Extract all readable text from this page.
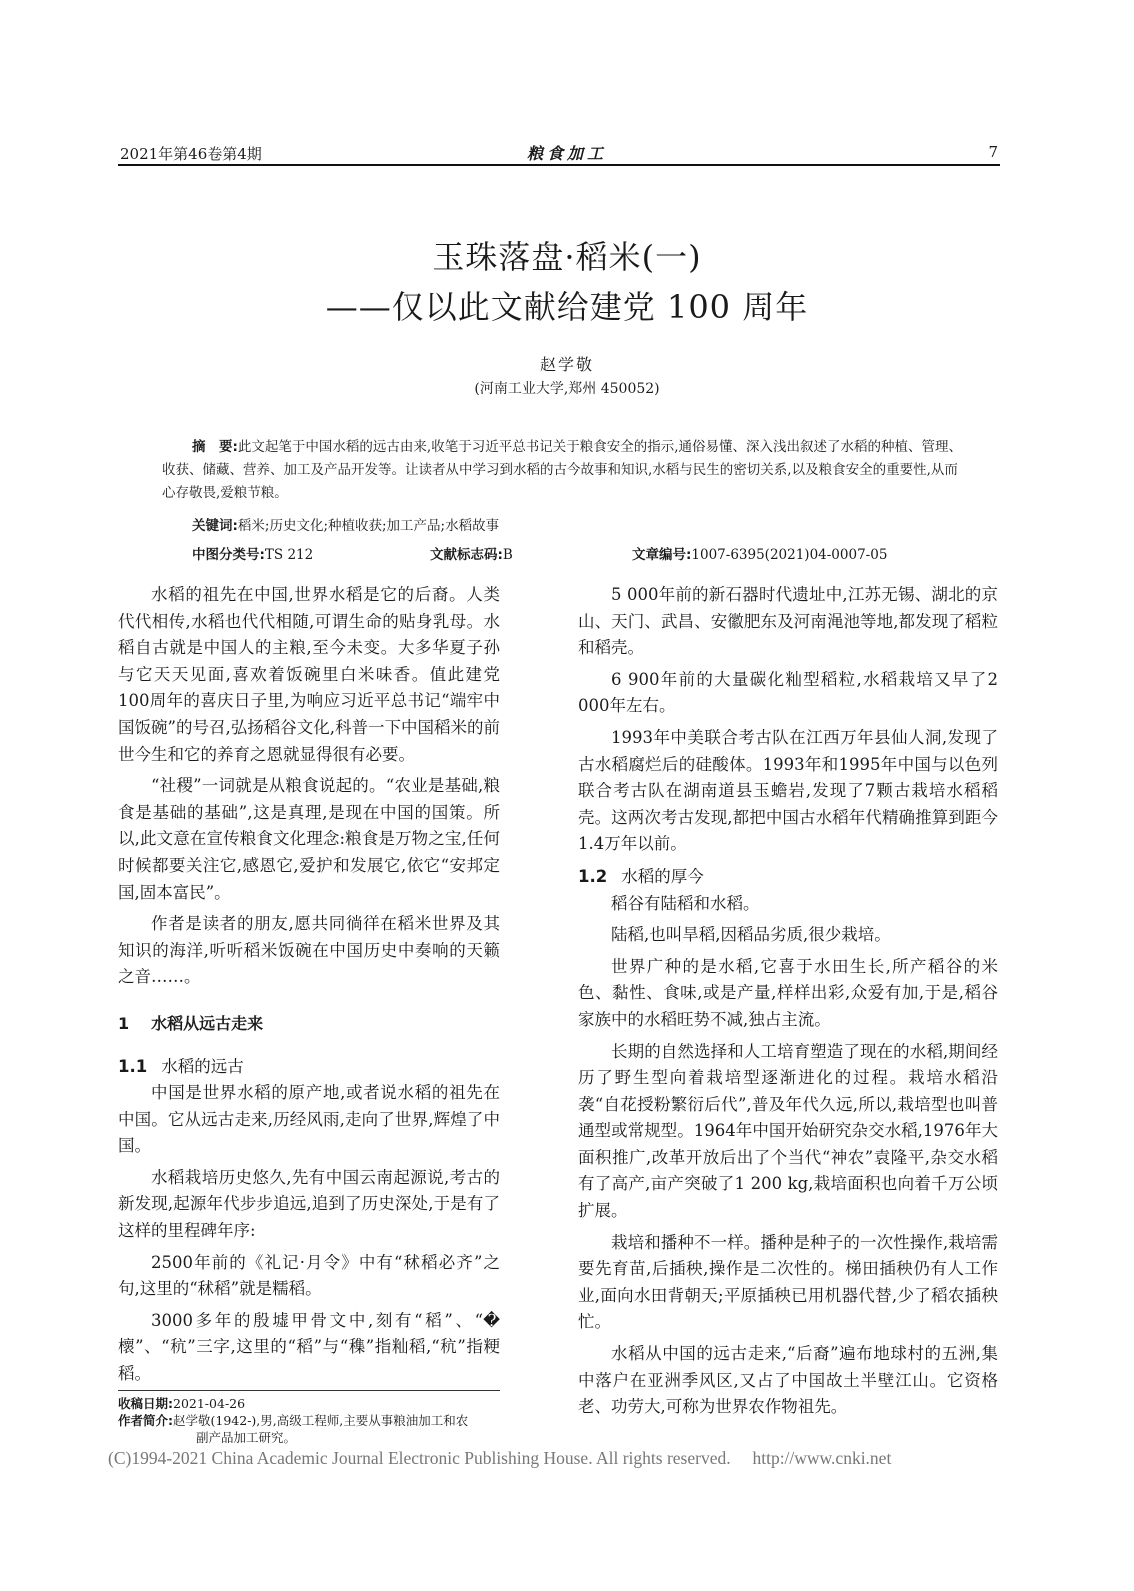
2021年第46卷第4期	粮食加工	7
玉珠落盘·稻米(一)
——仅以此文献给建党 100 周年
赵学敬
(河南工业大学,郑州 450052)
摘　要:此文起笔于中国水稻的远古由来,收笔于习近平总书记关于粮食安全的指示,通俗易懂、深入浅出叙述了水稻的种植、管理、收获、储藏、营养、加工及产品开发等。让读者从中学习到水稻的古今故事和知识,水稻与民生的密切关系,以及粮食安全的重要性,从而心存敬畏,爱粮节粮。
关键词:稻米;历史文化;种植收获;加工产品;水稻故事
中图分类号:TS 212	文献标志码:B	文章编号:1007-6395(2021)04-0007-05

水稻的祖先在中国,世界水稻是它的后裔。人类代代相传,水稻也代代相随,可谓生命的贴身乳母。水稻自古就是中国人的主粮,至今未变。大多华夏子孙与它天天见面,喜欢着饭碗里白米味香。值此建党100周年的喜庆日子里,为响应习近平总书记“端牢中国饭碗”的号召,弘扬稻谷文化,科普一下中国稻米的前世今生和它的养育之恩就显得很有必要。

“社稷”一词就是从粮食说起的。“农业是基础,粮食是基础的基础”,这是真理,是现在中国的国策。所以,此文意在宣传粮食文化理念:粮食是万物之宝,任何时候都要关注它,感恩它,爱护和发展它,依它“安邦定国,固本富民”。

作者是读者的朋友,愿共同徜徉在稻米世界及其知识的海洋,听听稻米饭碗在中国历史中奏响的天籁之音……。

1 水稻从远古走来
1.1 水稻的远古

中国是世界水稻的原产地,或者说水稻的祖先在中国。它从远古走来,历经风雨,走向了世界,辉煌了中国。

水稻栽培历史悠久,先有中国云南起源说,考古的新发现,起源年代步步追远,追到了历史深处,于是有了这样的里程碑年序:

2500年前的《礼记·月令》中有“秫稻必齐”之句,这里的“秫稻”就是糯稻。

3000多年的殷墟甲骨文中,刻有“稻”、“�櫰”、“秔”三字,这里的“稻”与“穕”指籼稻,“秔”指粳稻。

5 000年前的新石器时代遗址中,江苏无锡、湖北的京山、天门、武昌、安徽肥东及河南渑池等地,都发现了稻粒和稻壳。

6 900年前的大量碳化籼型稻粒,水稻栽培又早了2 000年左右。

1993年中美联合考古队在江西万年县仙人洞,发现了古水稻腐烂后的硅酸体。1993年和1995年中国与以色列联合考古队在湖南道县玉蟾岩,发现了7颗古栽培水稻稻壳。这两次考古发现,都把中国古水稻年代精确推算到距今1.4万年以前。

1.2 水稻的厚今

稻谷有陆稻和水稻。

陆稻,也叫旱稻,因稻品劣质,很少栽培。

世界广种的是水稻,它喜于水田生长,所产稻谷的米色、黏性、食味,或是产量,样样出彩,众爱有加,于是,稻谷家族中的水稻旺势不减,独占主流。

长期的自然选择和人工培育塑造了现在的水稻,期间经历了野生型向着栽培型逐渐进化的过程。栽培水稻沿袭“自花授粉繁衍后代”,普及年代久远,所以,栽培型也叫普通型或常规型。1964年中国开始研究杂交水稻,1976年大面积推广,改革开放后出了个当代“神农”袁隆平,杂交水稻有了高产,亩产突破了1 200 kg,栽培面积也向着千万公顷扩展。

栽培和播种不一样。播种是种子的一次性操作,栽培需要先育苗,后插秧,操作是二次性的。梯田插秧仍有人工作业,面向水田背朝天;平原插秧已用机器代替,少了稻农插秧忙。

水稻从中国的远古走来,“后裔”遍布地球村的五洲,集中落户在亚洲季风区,又占了中国故土半壁江山。它资格老、功劳大,可称为世界农作物祖先。

收稿日期:2021-04-26
作者简介:赵学敬(1942-),男,高级工程师,主要从事粮油加工和农
副产品加工研究。
(C)1994-2021 China Academic Journal Electronic Publishing House. All rights reserved.　 http://www.cnki.net
